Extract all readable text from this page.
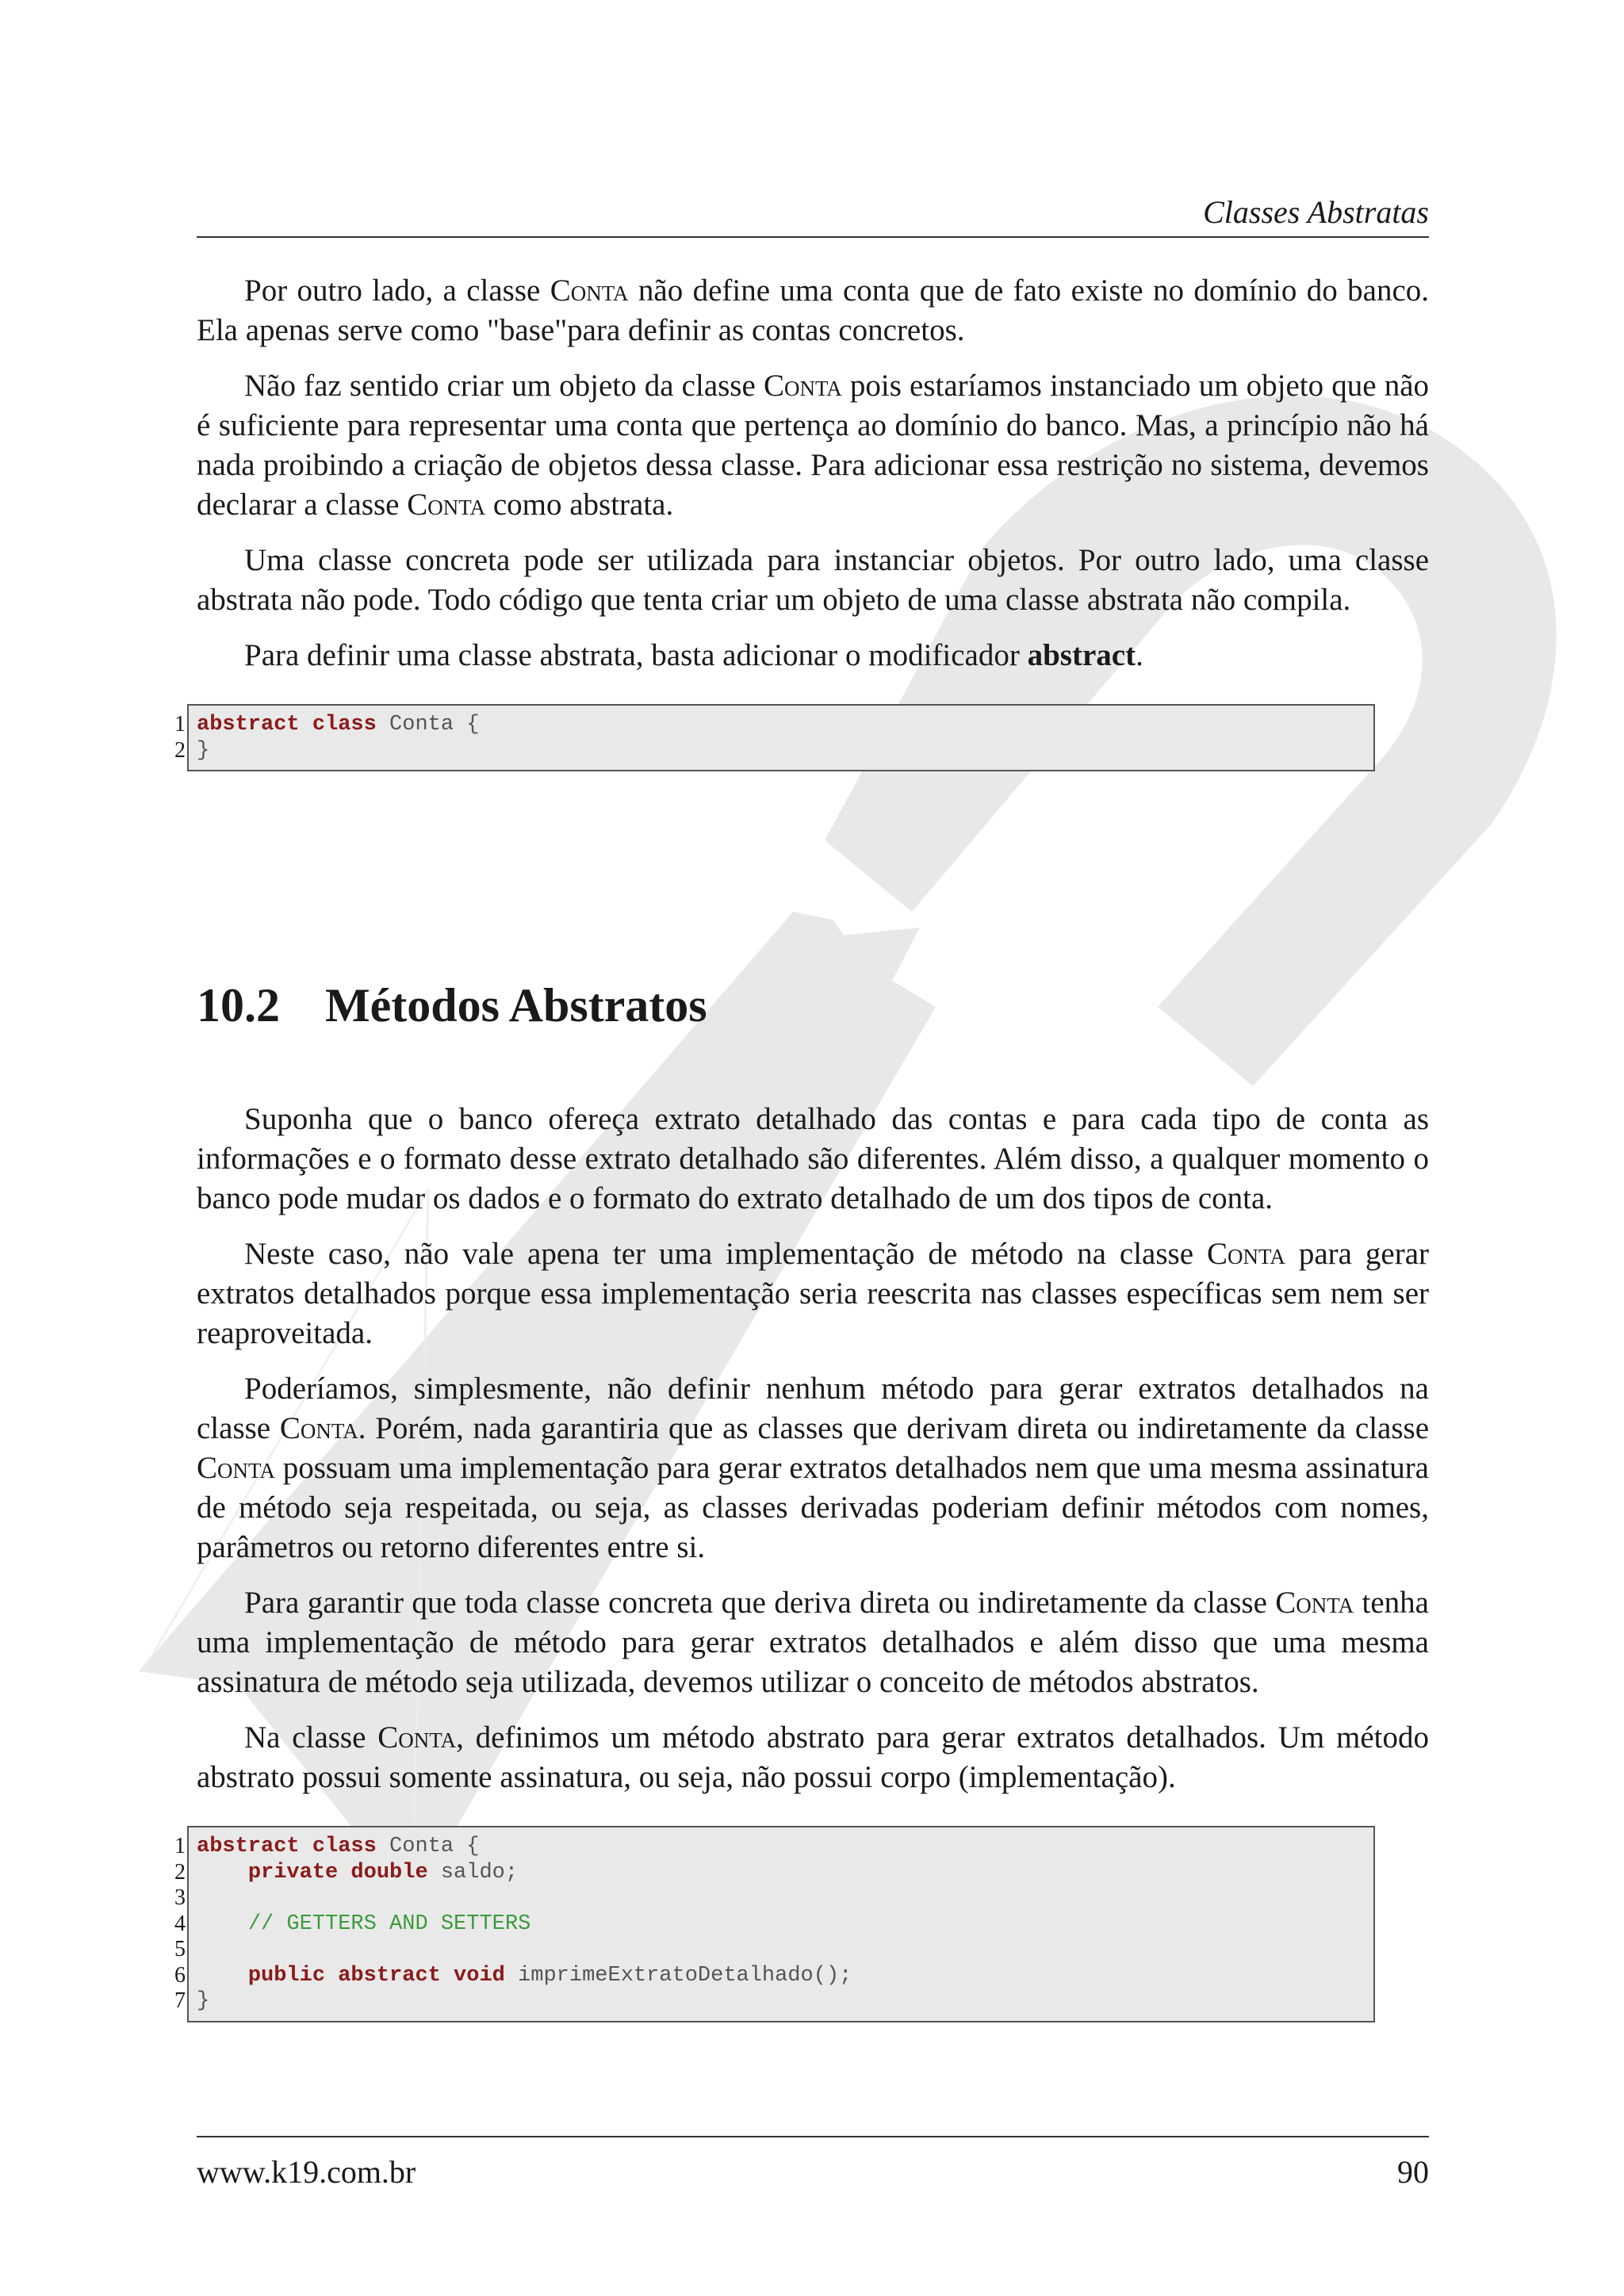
Classes Abstratas

Por outro lado, a classe Conta não define uma conta que de fato existe no domínio do banco. Ela apenas serve como "base"para definir as contas concretos.

Não faz sentido criar um objeto da classe Conta pois estaríamos instanciado um objeto que não é suficiente para representar uma conta que pertença ao domínio do banco. Mas, a princípio não há nada proibindo a criação de objetos dessa classe. Para adicionar essa restrição no sistema, devemos declarar a classe Conta como abstrata.

Uma classe concreta pode ser utilizada para instanciar objetos. Por outro lado, uma classe abstrata não pode. Todo código que tenta criar um objeto de uma classe abstrata não compila.

Para definir uma classe abstrata, basta adicionar o modificador abstract.

1 abstract class Conta {
2 }
10.2 Métodos Abstratos

Suponha que o banco ofereça extrato detalhado das contas e para cada tipo de conta as informações e o formato desse extrato detalhado são diferentes. Além disso, a qualquer momento o banco pode mudar os dados e o formato do extrato detalhado de um dos tipos de conta.

Neste caso, não vale apena ter uma implementação de método na classe Conta para gerar extratos detalhados porque essa implementação seria reescrita nas classes específicas sem nem ser reaproveitada.

Poderíamos, simplesmente, não definir nenhum método para gerar extratos detalhados na classe Conta. Porém, nada garantiria que as classes que derivam direta ou indiretamente da classe Conta possuam uma implementação para gerar extratos detalhados nem que uma mesma assinatura de método seja respeitada, ou seja, as classes derivadas poderiam definir métodos com nomes, parâmetros ou retorno diferentes entre si.

Para garantir que toda classe concreta que deriva direta ou indiretamente da classe Conta tenha uma implementação de método para gerar extratos detalhados e além disso que uma mesma assinatura de método seja utilizada, devemos utilizar o conceito de métodos abstratos.

Na classe Conta, definimos um método abstrato para gerar extratos detalhados. Um método abstrato possui somente assinatura, ou seja, não possui corpo (implementação).

1 abstract class Conta {
2	private double saldo;
3
4	// GETTERS AND SETTERS
5
6	public abstract void imprimeExtratoDetalhado();
7 }
www.k19.com.br	90
